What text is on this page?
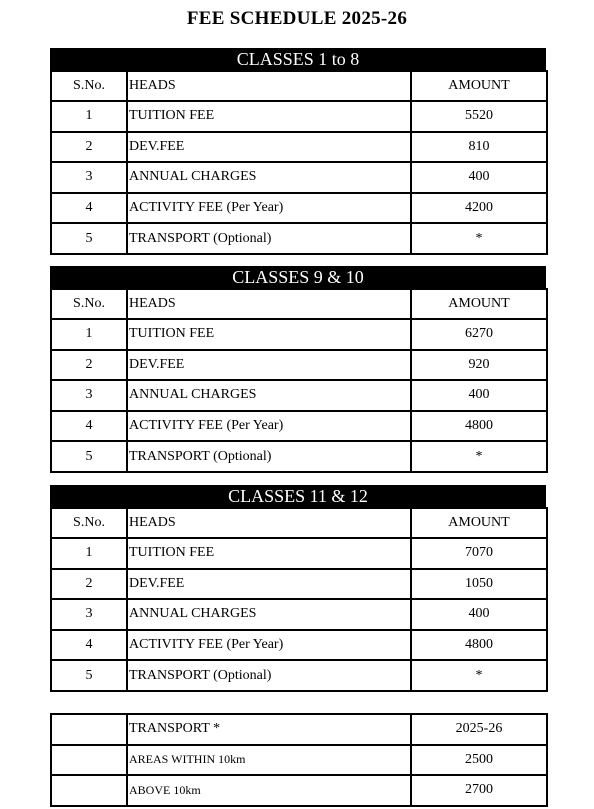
FEE SCHEDULE 2025-26
CLASSES 1 to 8
S.No.	HEADS	AMOUNT
1	TUITION FEE	5520
2	DEV.FEE	810
3	ANNUAL CHARGES	400
4	ACTIVITY FEE (Per Year)	4200
5	TRANSPORT (Optional)	*
CLASSES 9 & 10
S.No.	HEADS	AMOUNT
1	TUITION FEE	6270
2	DEV.FEE	920
3	ANNUAL CHARGES	400
4	ACTIVITY FEE (Per Year)	4800
5	TRANSPORT (Optional)	*
CLASSES 11 & 12
S.No.	HEADS	AMOUNT
1	TUITION FEE	7070
2	DEV.FEE	1050
3	ANNUAL CHARGES	400
4	ACTIVITY FEE (Per Year)	4800
5	TRANSPORT (Optional)	*
	TRANSPORT *	2025-26
	AREAS WITHIN 10km	2500
	ABOVE 10km	2700
